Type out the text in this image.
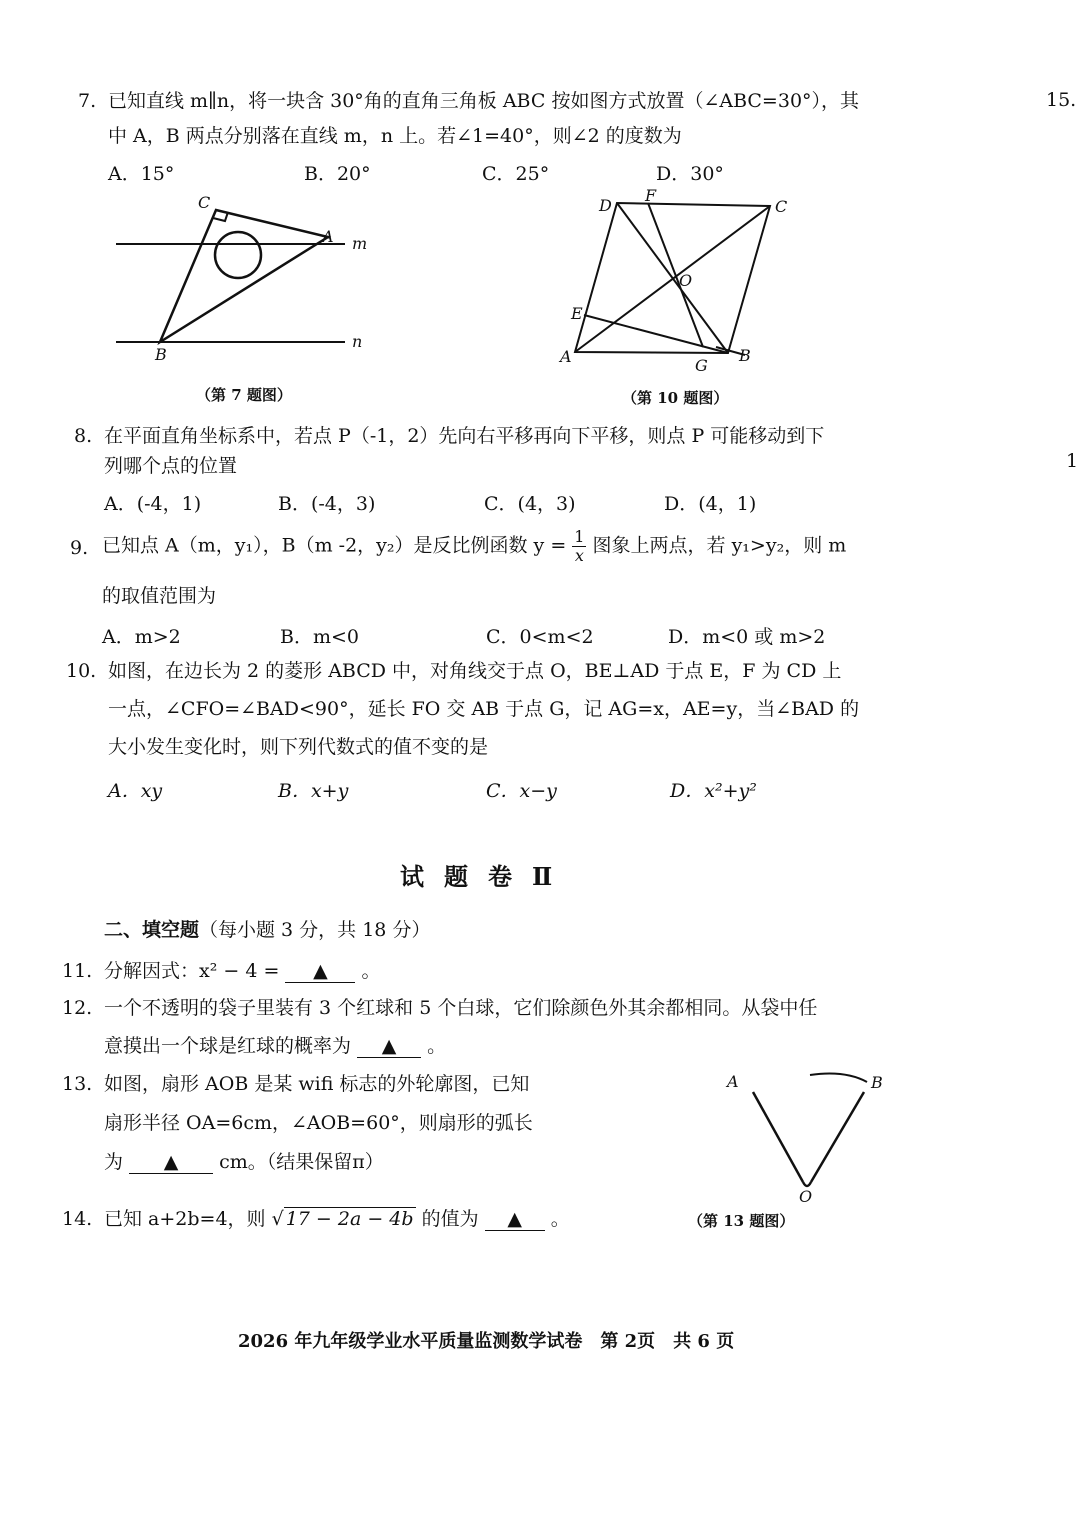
15.
1
7. 已知直线 m∥n，将一块含 30°角的直角三角板 ABC 按如图方式放置（∠ABC=30°），其
中 A，B 两点分别落在直线 m，n 上。若∠1=40°，则∠2 的度数为
A．15°	B．20°	C．25°	D．30°
C
A m
B
n
（第 7 题图）
D
F
C
O
E
A	G
B
（第 10 题图）
8. 在平面直角坐标系中，若点 P（-1，2）先向右平移再向下平移，则点 P 可能移动到下
列哪个点的位置
A．(-4，1)	B．(-4，3)	C．(4，3)	D．(4，1)
9. 已知点 A（m，y₁），B（m -2，y₂）是反比例函数 $y = \frac{1}{x}$ 图象上两点，若 y₁>y₂，则 m
的取值范围为
A．m>2	B．m<0	C．0<m<2	D．m<0 或 m>2
10. 如图，在边长为 2 的菱形 ABCD 中，对角线交于点 O，BE⊥AD 于点 E，F 为 CD 上
一点，∠CFO=∠BAD<90°，延长 FO 交 AB 于点 G，记 AG=x，AE=y，当∠BAD 的
大小发生变化时，则下列代数式的值不变的是
A．xy	B．x+y	C．x−y	D．x²+y²
试题卷Ⅱ
二、填空题（每小题 3 分，共 18 分）
11. 分解因式：x² − 4 = ▲ 。
12. 一个不透明的袋子里装有 3 个红球和 5 个白球，它们除颜色外其余都相同。从袋中任
意摸出一个球是红球的概率为 ▲ 。
13. 如图，扇形 AOB 是某 wifi 标志的外轮廓图，已知
扇形半径 OA=6cm，∠AOB=60°，则扇形的弧长
为 ▲ cm。（结果保留π）
A	B
O
（第 13 题图）
14. 已知 a+2b=4，则 √ 17 − 2a − 4b 的值为 ▲ 。
2026 年九年级学业水平质量监测数学试卷　第 2页　共 6 页
